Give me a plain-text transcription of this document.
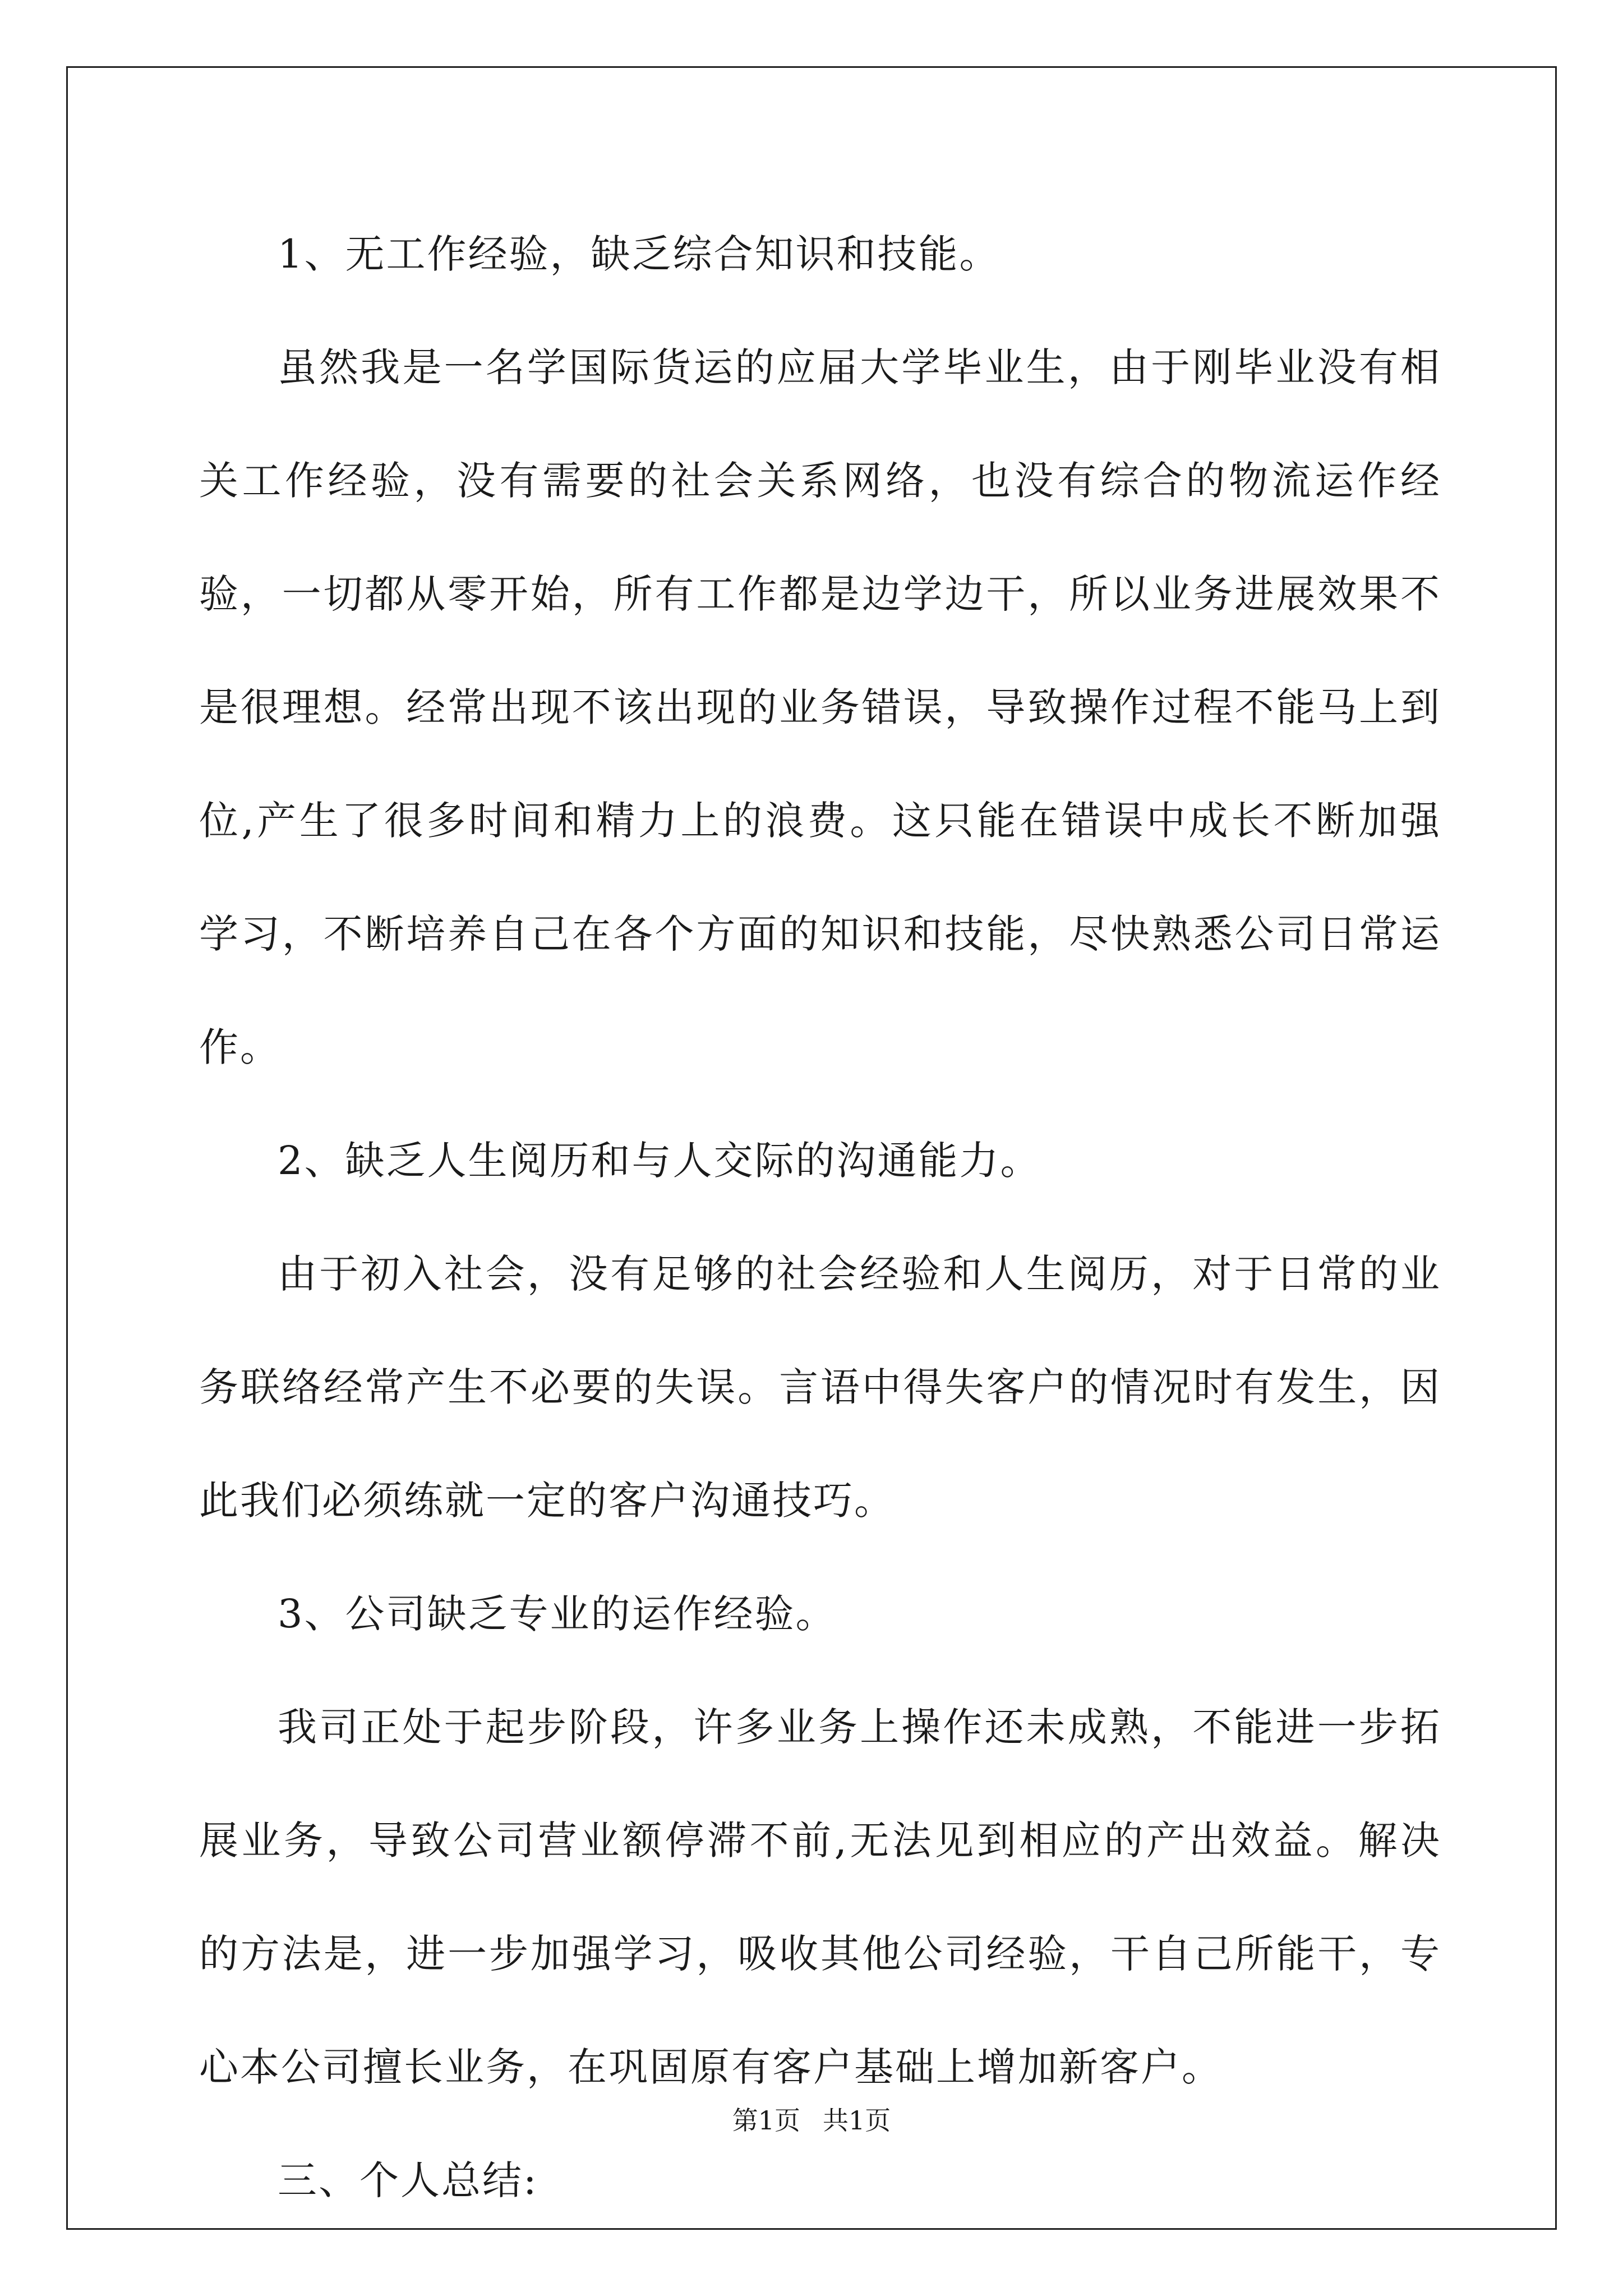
1、无工作经验，缺乏综合知识和技能。

虽然我是一名学国际货运的应届大学毕业生，由于刚毕业没有相关工作经验，没有需要的社会关系网络，也没有综合的物流运作经验，一切都从零开始，所有工作都是边学边干，所以业务进展效果不是很理想。经常出现不该出现的业务错误，导致操作过程不能马上到位,产生了很多时间和精力上的浪费。这只能在错误中成长不断加强学习，不断培养自己在各个方面的知识和技能，尽快熟悉公司日常运作。

2、缺乏人生阅历和与人交际的沟通能力。

由于初入社会，没有足够的社会经验和人生阅历，对于日常的业务联络经常产生不必要的失误。言语中得失客户的情况时有发生，因此我们必须练就一定的客户沟通技巧。

3、公司缺乏专业的运作经验。

我司正处于起步阶段，许多业务上操作还未成熟，不能进一步拓展业务，导致公司营业额停滞不前,无法见到相应的产出效益。解决的方法是，进一步加强学习，吸收其他公司经验，干自己所能干，专心本公司擅长业务，在巩固原有客户基础上增加新客户。

三、个人总结:

第1页 共1页
